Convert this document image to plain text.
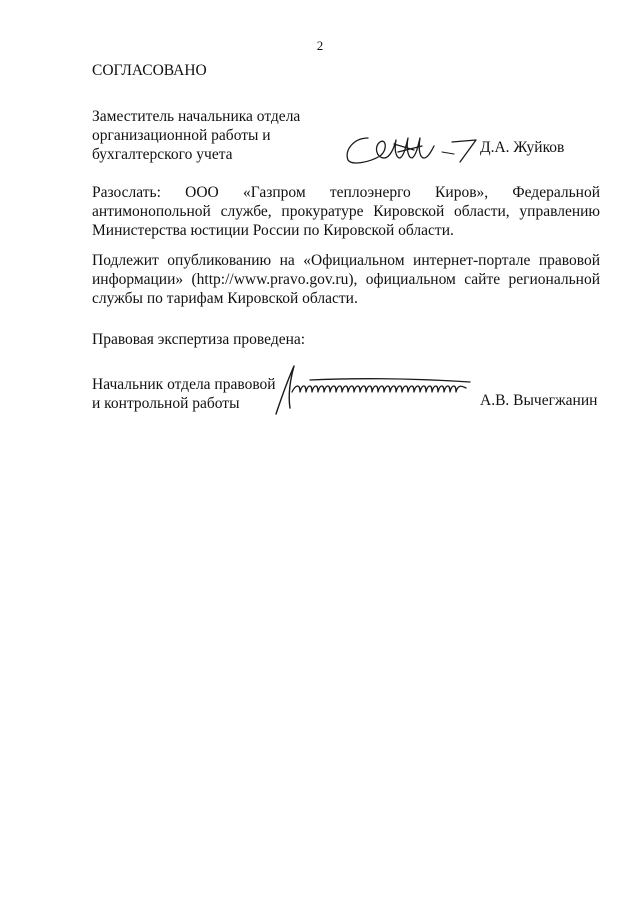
2
СОГЛАСОВАНО
Заместитель начальника отдела
организационной работы и
бухгалтерского учета	Д.А. Жуйков
Разослать: ООО «Газпром теплоэнерго Киров», Федеральной
антимонопольной службе, прокуратуре Кировской области, управлению
Министерства юстиции России по Кировской области.
Подлежит опубликованию на «Официальном интернет-портале правовой
информации» (http://www.pravo.gov.ru), официальном сайте региональной
службы по тарифам Кировской области.
Правовая экспертиза проведена:
Начальник отдела правовой
и контрольной работы	А.В. Вычегжанин
